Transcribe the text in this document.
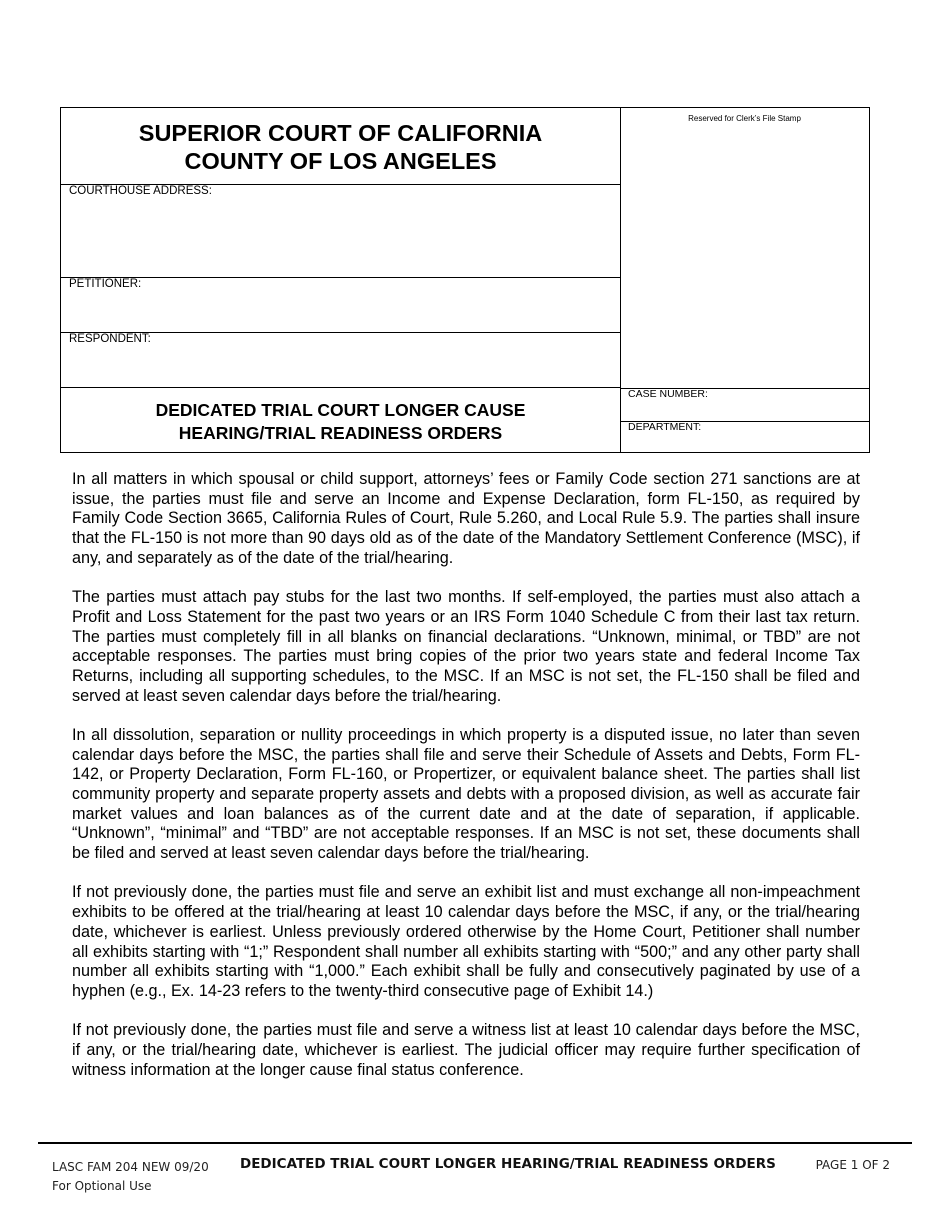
SUPERIOR COURT OF CALIFORNIA
COUNTY OF LOS ANGELES
COURTHOUSE ADDRESS:
PETITIONER:
RESPONDENT:
DEDICATED TRIAL COURT LONGER CAUSE
HEARING/TRIAL READINESS ORDERS
Reserved for Clerk’s File Stamp
CASE NUMBER:
DEPARTMENT:

In all matters in which spousal or child support, attorneys’ fees or Family Code section 271 sanctions are at issue, the parties must file and serve an Income and Expense Declaration, form FL-150, as required by Family Code Section 3665, California Rules of Court, Rule 5.260, and Local Rule 5.9. The parties shall insure that the FL-150 is not more than 90 days old as of the date of the Mandatory Settlement Conference (MSC), if any, and separately as of the date of the trial/hearing.

The parties must attach pay stubs for the last two months. If self-employed, the parties must also attach a Profit and Loss Statement for the past two years or an IRS Form 1040 Schedule C from their last tax return. The parties must completely fill in all blanks on financial declarations. “Unknown, minimal, or TBD” are not acceptable responses. The parties must bring copies of the prior two years state and federal Income Tax Returns, including all supporting schedules, to the MSC. If an MSC is not set, the FL-150 shall be filed and served at least seven calendar days before the trial/hearing.

In all dissolution, separation or nullity proceedings in which property is a disputed issue, no later than seven calendar days before the MSC, the parties shall file and serve their Schedule of Assets and Debts, Form FL-142, or Property Declaration, Form FL-160, or Propertizer, or equivalent balance sheet. The parties shall list community property and separate property assets and debts with a proposed division, as well as accurate fair market values and loan balances as of the current date and at the date of separation, if applicable. “Unknown”, “minimal” and “TBD” are not acceptable responses. If an MSC is not set, these documents shall be filed and served at least seven calendar days before the trial/hearing.

If not previously done, the parties must file and serve an exhibit list and must exchange all non-impeachment exhibits to be offered at the trial/hearing at least 10 calendar days before the MSC, if any, or the trial/hearing date, whichever is earliest. Unless previously ordered otherwise by the Home Court, Petitioner shall number all exhibits starting with “1;” Respondent shall number all exhibits starting with “500;” and any other party shall number all exhibits starting with “1,000.” Each exhibit shall be fully and consecutively paginated by use of a hyphen (e.g., Ex. 14-23 refers to the twenty-third consecutive page of Exhibit 14.)

If not previously done, the parties must file and serve a witness list at least 10 calendar days before the MSC, if any, or the trial/hearing date, whichever is earliest. The judicial officer may require further specification of witness information at the longer cause final status conference.

LASC FAM 204 NEW 09/20
For Optional Use
DEDICATED TRIAL COURT LONGER HEARING/TRIAL READINESS ORDERS	PAGE 1 OF 2
